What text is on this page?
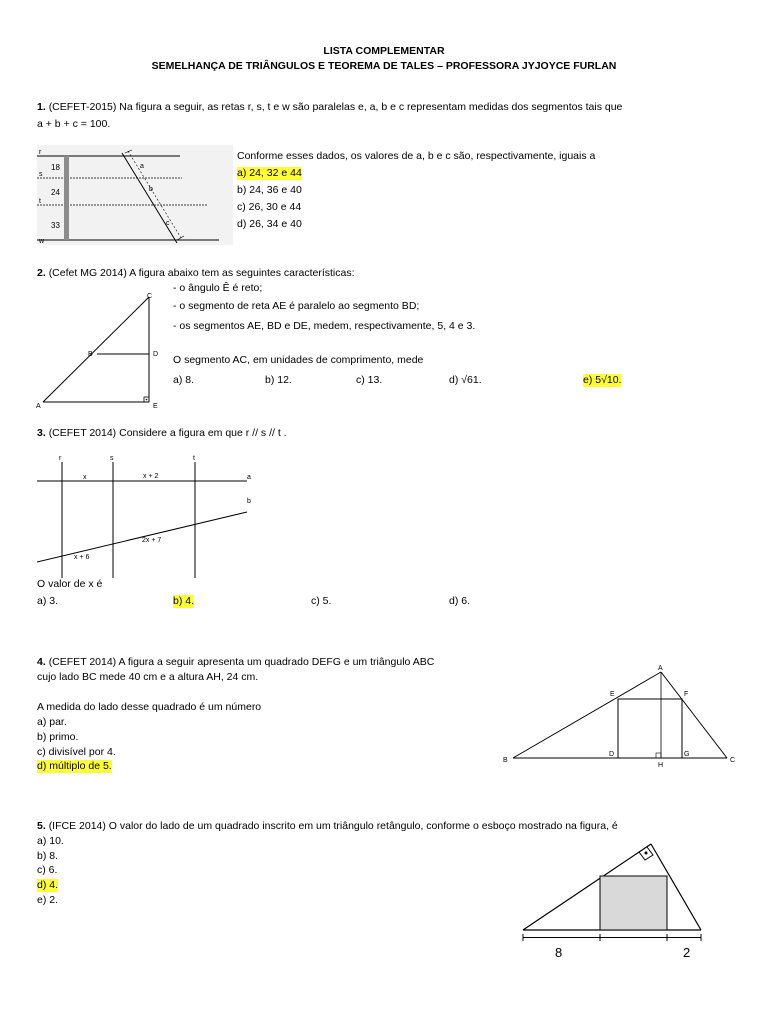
LISTA COMPLEMENTAR
SEMELHANÇA DE TRIÂNGULOS E TEOREMA DE TALES – PROFESSORA JYJOYCE FURLAN
1. (CEFET-2015) Na figura a seguir, as retas r, s, t e w são paralelas e, a, b e c representam medidas dos segmentos tais que
a + b + c = 100.
r
s
t
w
18
24
33
a
b
c
Conforme esses dados, os valores de a, b e c são, respectivamente, iguais a
a) 24, 32 e 44
b) 24, 36 e 40
c) 26, 30 e 44
d) 26, 34 e 40
2. (Cefet MG 2014) A figura abaixo tem as seguintes características:
- o ângulo Ê é reto;
- o segmento de reta AE é paralelo ao segmento BD;
- os segmentos AE, BD e DE, medem, respectivamente, 5, 4 e 3.
O segmento AC, em unidades de comprimento, mede
A
B
C
D
E
a) 8.	b) 12.	c) 13.	d) √61.	e) 5√10.
3. (CEFET 2014) Considere a figura em que r // s // t .
r	s	t
a
b
x	x + 2
2x + 7
x + 6
O valor de x é
a) 3.	b) 4.	c) 5.	d) 6.
4. (CEFET 2014) A figura a seguir apresenta um quadrado DEFG e um triângulo ABC
cujo lado BC mede 40 cm e a altura AH, 24 cm.
A medida do lado desse quadrado é um número
a) par.
b) primo.
c) divisível por 4.
d) múltiplo de 5.
A
B	C
D
E	F
G
H
5. (IFCE 2014) O valor do lado de um quadrado inscrito em um triângulo retângulo, conforme o esboço mostrado na figura, é
a) 10.
b) 8.
c) 6.
d) 4.
e) 2.
8	2
